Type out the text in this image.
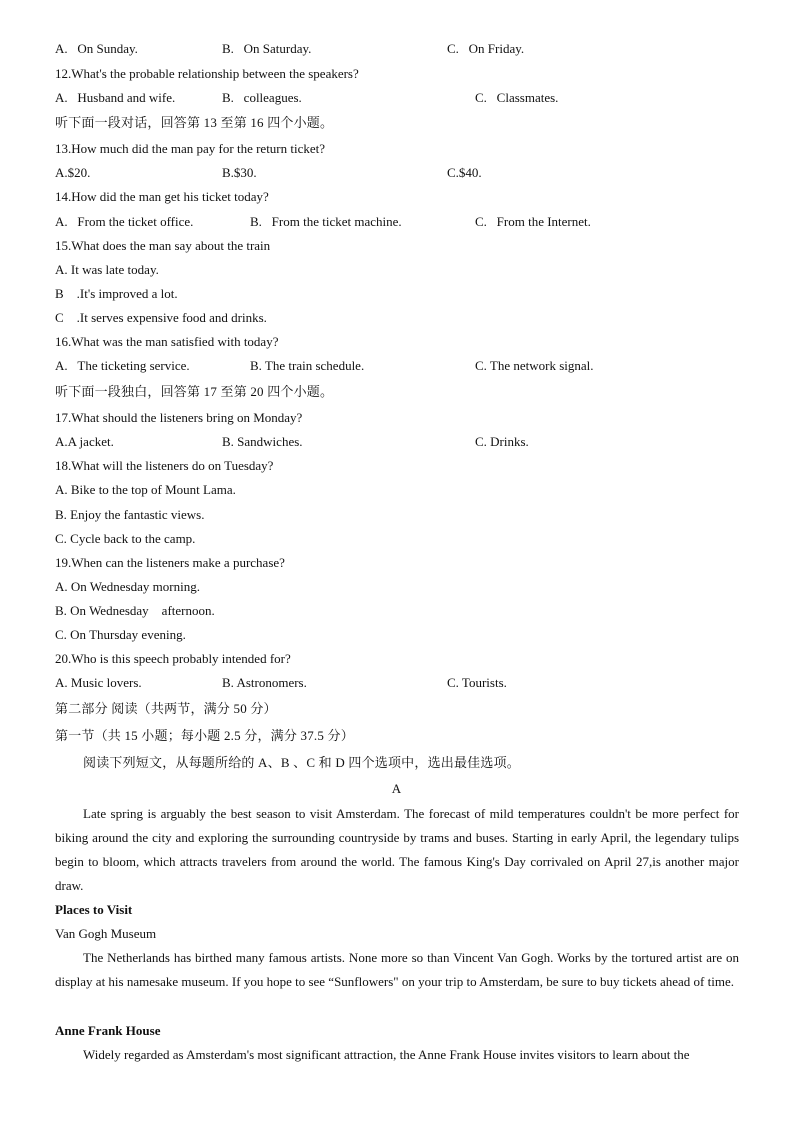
A.   On Sunday.	B.   On Saturday.	C.   On Friday.
12.What's the probable relationship between the speakers?
A.   Husband and wife.	B.   colleagues.	C.   Classmates.
听下面一段对话，回答第 13 至第 16 四个小题。
13.How much did the man pay for the return ticket?
A.$20.	B.$30.	C.$40.
14.How did the man get his ticket today?
A.   From the ticket office.	B.   From the ticket machine.	C.   From the Internet.
15.What does the man say about the train
A. It was late today.
B    .It's improved a lot.
C    .It serves expensive food and drinks.
16.What was the man satisfied with today?
A.   The ticketing service.	B. The train schedule.	C. The network signal.
听下面一段独白，回答第 17 至第 20 四个小题。
17.What should the listeners bring on Monday?
A.A jacket.	B. Sandwiches.	C. Drinks.
18.What will the listeners do on Tuesday?
A. Bike to the top of Mount Lama.
B. Enjoy the fantastic views.
C. Cycle back to the camp.
19.When can the listeners make a purchase?
A. On Wednesday morning.
B. On Wednesday    afternoon.
C. On Thursday evening.
20.Who is this speech probably intended for?
A. Music lovers.	B. Astronomers.	C. Tourists.
第二部分 阅读（共两节，满分 50 分）
第一节（共 15 小题；每小题 2.5 分，满分 37.5 分）
阅读下列短文，从每题所给的 A、B 、C 和 D 四个选项中，选出最佳选项。
A
Late spring is arguably the best season to visit Amsterdam. The forecast of mild temperatures couldn't be more perfect for biking around the city and exploring the surrounding countryside by trams and buses. Starting in early April, the legendary tulips begin to bloom, which attracts travelers from around the world. The famous King's Day corrivaled on April 27,is another major draw.
Places to Visit
Van Gogh Museum
The Netherlands has birthed many famous artists. None more so than Vincent Van Gogh. Works by the tortured artist are on display at his namesake museum. If you hope to see “Sunflowers" on your trip to Amsterdam, be sure to buy tickets ahead of time.
Anne Frank House
Widely regarded as Amsterdam's most significant attraction, the Anne Frank House invites visitors to learn about the
